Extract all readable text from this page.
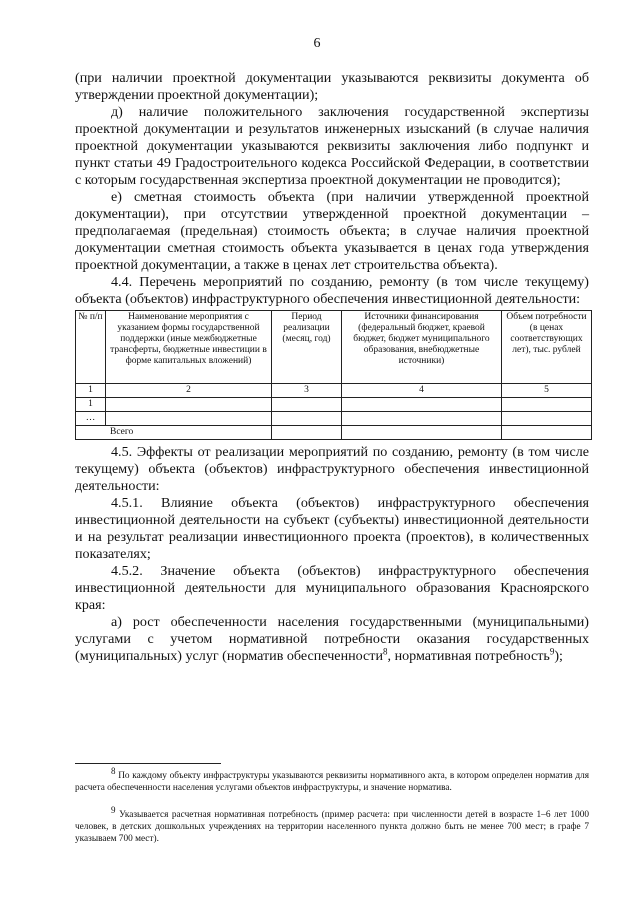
6

(при наличии проектной документации указываются реквизиты документа об утверждении проектной документации);

д) наличие положительного заключения государственной экспертизы проектной документации и результатов инженерных изысканий (в случае наличия проектной документации указываются реквизиты заключения либо подпункт и пункт статьи 49 Градостроительного кодекса Российской Федерации, в соответствии с которым государственная экспертиза проектной документации не проводится);

е) сметная стоимость объекта (при наличии утвержденной проектной документации), при отсутствии утвержденной проектной документации – предполагаемая (предельная) стоимость объекта; в случае наличия проектной документации сметная стоимость объекта указывается в ценах года утверждения проектной документации, а также в ценах лет строительства объекта).

4.4. Перечень мероприятий по созданию, ремонту (в том числе текущему) объекта (объектов) инфраструктурного обеспечения инвестиционной деятельности:

№ п/п	Наименование мероприятия с указанием формы государственной поддержки (иные межбюджетные трансферты, бюджетные инвестиции в форме капитальных вложений)	Период реализации (месяц, год)	Источники финансирования (федеральный бюджет, краевой бюджет, бюджет муниципального образования, внебюджетные источники)	Объем потребности (в ценах соответствующих лет), тыс. рублей
1	2	3	4	5
1				
…				
Всего				

4.5. Эффекты от реализации мероприятий по созданию, ремонту (в том числе текущему) объекта (объектов) инфраструктурного обеспечения инвестиционной деятельности:

4.5.1. Влияние объекта (объектов) инфраструктурного обеспечения инвестиционной деятельности на субъект (субъекты) инвестиционной деятельности и на результат реализации инвестиционного проекта (проектов), в количественных показателях;

4.5.2. Значение объекта (объектов) инфраструктурного обеспечения инвестиционной деятельности для муниципального образования Красноярского края:

а) рост обеспеченности населения государственными (муниципальными) услугами с учетом нормативной потребности оказания государственных (муниципальных) услуг (норматив обеспеченности$^8$, нормативная потребность$^9$);

8 По каждому объекту инфраструктуры указываются реквизиты нормативного акта, в котором определен норматив для расчета обеспеченности населения услугами объектов инфраструктуры, и значение норматива.

9 Указывается расчетная нормативная потребность (пример расчета: при численности детей в возрасте 1–6 лет 1000 человек, в детских дошкольных учреждениях на территории населенного пункта должно быть не менее 700 мест; в графе 7 указываем 700 мест).
